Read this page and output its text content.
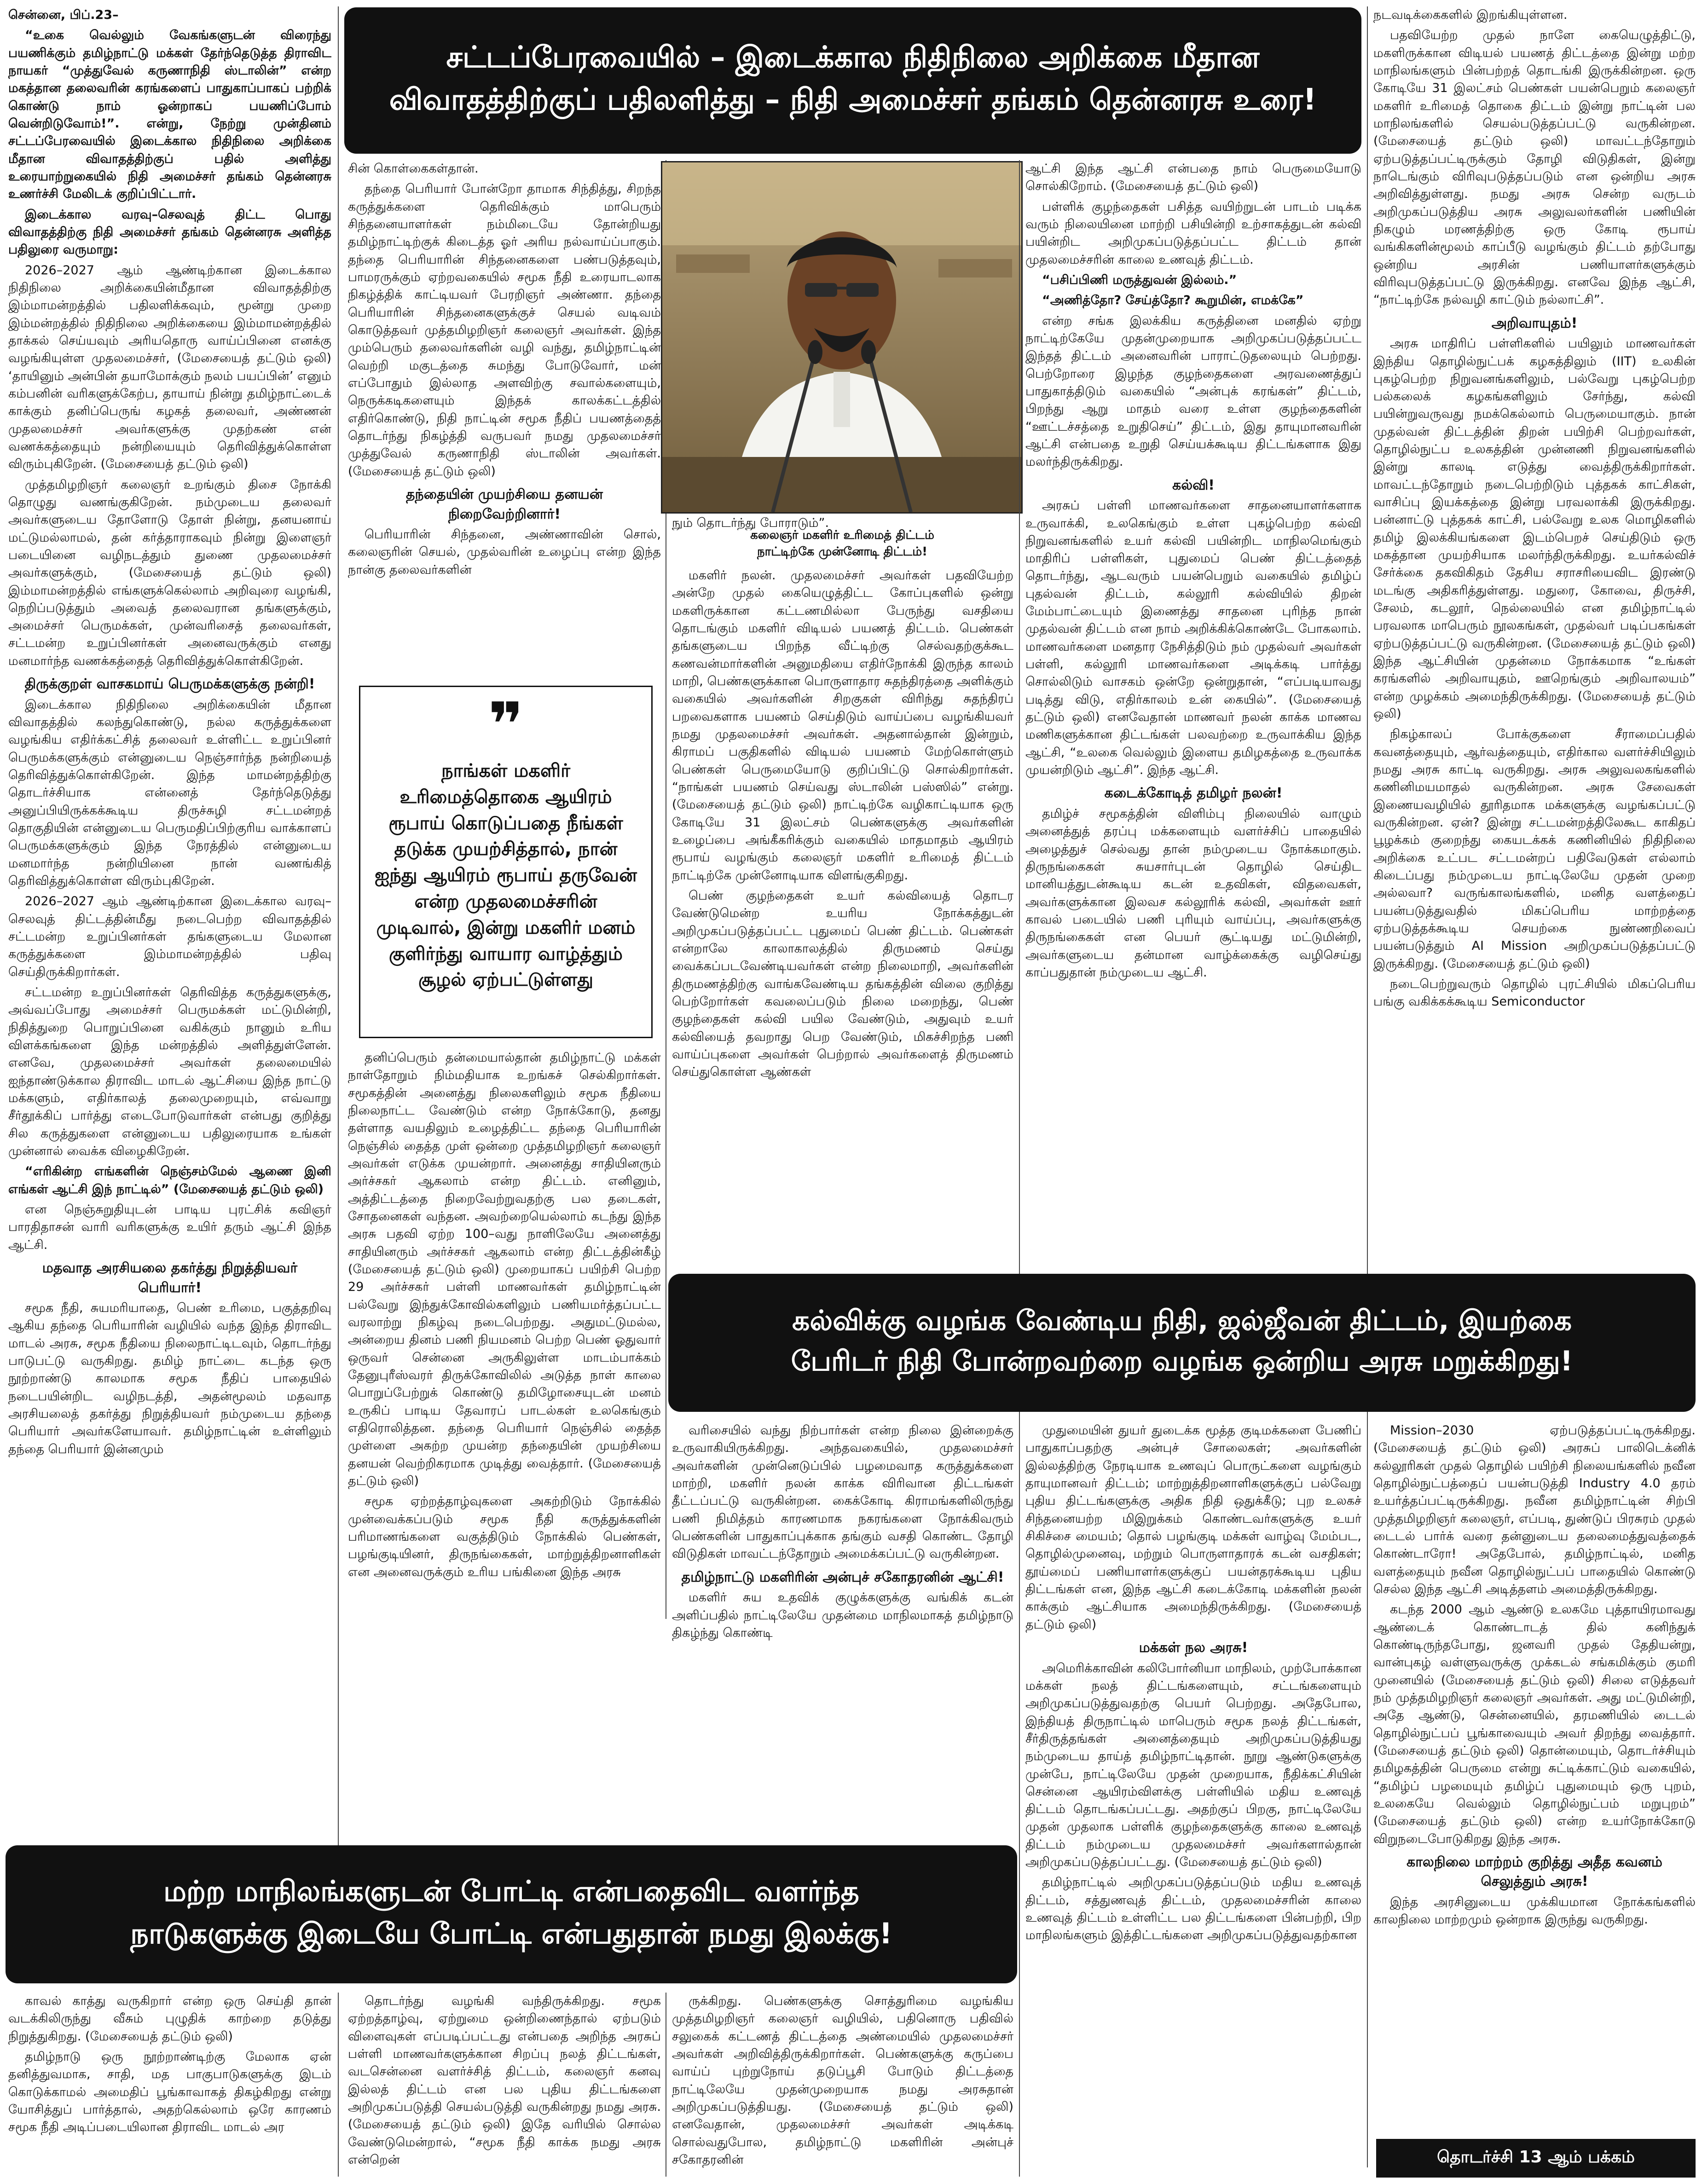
சென்னை, பிப்.23–

“உகை வெல்லும் வேகங்களுடன் விரைந்து பயணிக்கும் தமிழ்நாட்டு மக்கள் தேர்ந்தெடுத்த திராவிட நாயகர் “முத்துவேல் கருணாநிதி ஸ்டாலின்” என்ற மகத்தான தலைவரின் கரங்களைப் பாதுகாப்பாகப் பற்றிக் கொண்டு நாம் ஓன்றாகப் பயணிப்போம் வென்றிடுவோம்!”. என்று, நேற்று முன்தினம் சட்டப்பேரவையில் இடைக்கால நிதிநிலை அறிக்கை மீதான விவாதத்திற்குப் பதில் அளித்து உரையாற்றுகையில் நிதி அமைச்சர் தங்கம் தென்னரசு உணர்ச்சி மேலிடக் குறிப்பிட்டார்.

இடைக்கால வரவு–செலவுத் திட்ட பொது விவாதத்திற்கு நிதி அமைச்சர் தங்கம் தென்னரசு அளித்த பதிலுரை வருமாறு:

2026–2027 ஆம் ஆண்டிற்கான இடைக்கால நிதிநிலை அறிக்கையின்மீதான விவாதத்திற்கு இம்மாமன்றத்தில் பதிலளிக்கவும், மூன்று முறை இம்மன்றத்தில் நிதிநிலை அறிக்கையை இம்மாமன்றத்தில் தாக்கல் செய்யவும் அரியதொரு வாய்ப்பினை எனக்கு வழங்கியுள்ள முதலமைச்சர், (மேசையைத் தட்டும் ஒலி) ‘தாயினும் அன்பின் தயாமோக்கும் நலம் பயப்பின்’ எனும் கம்பனின் வரிகளுக்கேற்ப, தாயாய் நின்று தமிழ்நாட்டைக் காக்கும் தனிப்பெருங் கழகத் தலைவர், அண்ணன் முதலமைச்சர் அவர்களுக்கு முதற்கண் என் வணக்கத்தையும் நன்றியையும் தெரிவித்துக்கொள்ள விரும்புகிறேன். (மேசையைத் தட்டும் ஒலி)

முத்தமிழறிஞர் கலைஞர் உறங்கும் திசை நோக்கி தொழுது வணங்குகிறேன். நம்முடைய தலைவர் அவர்களுடைய தோளோடு தோள் நின்று, தனயனாய் மட்டுமல்லாமல், தன் கர்த்தாராகவும் நின்று இளைஞர் படையினை வழிநடத்தும் துணை முதலமைச்சர் அவர்களுக்கும், (மேசையைத் தட்டும் ஒலி) இம்மாமன்றத்தில் எங்களுக்கெல்லாம் அறிவுரை வழங்கி, நெறிப்படுத்தும் அவைத் தலைவரான தங்களுக்கும், அமைச்சர் பெருமக்கள், முன்வரிசைத் தலைவர்கள், சட்டமன்ற உறுப்பினர்கள் அனைவருக்கும் எனது மனமார்ந்த வணக்கத்தைத் தெரிவித்துக்கொள்கிறேன்.

திருக்குறள் வாசகமாய் பெருமக்களுக்கு நன்றி!

இடைக்கால நிதிநிலை அறிக்கையின் மீதான விவாதத்தில் கலந்துகொண்டு, நல்ல கருத்துக்களை வழங்கிய எதிர்க்கட்சித் தலைவர் உள்ளிட்ட உறுப்பினர் பெருமக்களுக்கும் என்னுடைய நெஞ்சார்ந்த நன்றியைத் தெரிவித்துக்கொள்கிறேன். இந்த மாமன்றத்திற்கு தொடர்ச்சியாக என்னைத் தேர்ந்தெடுத்து அனுப்பியிருக்கக்கூடிய திருச்சுழி சட்டமன்றத் தொகுதியின் என்னுடைய பெருமதிப்பிற்குரிய வாக்காளப் பெருமக்களுக்கும் இந்த நேரத்தில் என்னுடைய மனமார்ந்த நன்றியினை நான் வணங்கித் தெரிவித்துக்கொள்ள விரும்புகிறேன்.

2026–2027 ஆம் ஆண்டிற்கான இடைக்கால வரவு–செலவுத் திட்டத்தின்மீது நடைபெற்ற விவாதத்தில் சட்டமன்ற உறுப்பினர்கள் தங்களுடைய மேலான கருத்துக்களை இம்மாமன்றத்தில் பதிவு செய்திருக்கிறார்கள்.

சட்டமன்ற உறுப்பினர்கள் தெரிவித்த கருத்துகளுக்கு, அவ்வப்போது அமைச்சர் பெருமக்கள் மட்டுமின்றி, நிதித்துறை பொறுப்பினை வகிக்கும் நானும் உரிய விளக்கங்களை இந்த மன்றத்தில் அளித்துள்ளேன். எனவே, முதலமைச்சர் அவர்கள் தலைமையில் ஐந்தாண்டுக்கால திராவிட மாடல் ஆட்சியை இந்த நாட்டு மக்களும், எதிர்காலத் தலைமுறையும், எவ்வாறு சீர்தூக்கிப் பார்த்து எடைபோடுவார்கள் என்பது குறித்து சில கருத்துகளை என்னுடைய பதிலுரையாக உங்கள் முன்னால் வைக்க விழைகிறேன்.

“எரிகின்ற எங்களின் நெஞ்சம்மேல் ஆணை இனி எங்கள் ஆட்சி இந் நாட்டில்” (மேசையைத் தட்டும் ஒலி)

என நெஞ்சுறுதியுடன் பாடிய புரட்சிக் கவிஞர் பாரதிதாசன் வாரி வரிகளுக்கு உயிர் தரும் ஆட்சி இந்த ஆட்சி.

மதவாத அரசியலை தகர்த்து நிறுத்தியவர் பெரியார்!

சமூக நீதி, சுயமரியாதை, பெண் உரிமை, பகுத்தறிவு ஆகிய தந்தை பெரியாரின் வழியில் வந்த இந்த திராவிட மாடல் அரசு, சமூக நீதியை நிலைநாட்டிடவும், தொடர்ந்து பாடுபட்டு வருகிறது. தமிழ் நாட்டை கடந்த ஒரு நூற்றாண்டு காலமாக சமூக நீதிப் பாதையில் நடைபயின்றிட வழிநடத்தி, அதன்மூலம் மதவாத அரசியலைத் தகர்த்து நிறுத்தியவர் நம்முடைய தந்தை பெரியார் அவர்களேயாவர். தமிழ்நாட்டின் உள்ளிலும் தந்தை பெரியார் இன்னமும்

சட்டப்பேரவையில் – இடைக்கால நிதிநிலை அறிக்கை மீதான
விவாதத்திற்குப் பதிலளித்து – நிதி அமைச்சர் தங்கம் தென்னரசு உரை!

சின் கொள்கைகள்தான்.

தந்தை பெரியார் போன்றோ தாமாக சிந்தித்து, சிறந்த கருத்துக்களை தெரிவிக்கும் மாபெரும் சிந்தனையாளர்கள் நம்மிடையே தோன்றியது தமிழ்நாட்டிற்குக் கிடைத்த ஓர் அரிய நல்வாய்ப்பாகும். தந்தை பெரியாரின் சிந்தனைகளை பண்படுத்தவும், பாமரருக்கும் ஏற்றவகையில் சமூக நீதி உரையாடலாக நிகழ்த்திக் காட்டியவர் பேரறிஞர் அண்ணா. தந்தை பெரியாரின் சிந்தனைகளுக்குச் செயல் வடிவம் கொடுத்தவர் முத்தமிழறிஞர் கலைஞர் அவர்கள். இந்த மும்பெரும் தலைவர்களின் வழி வந்து, தமிழ்நாட்டின் வெற்றி மகுடத்தை சுமந்து போடுவோர், மன் எப்போதும் இல்லாத அளவிற்கு சவால்களையும், நெருக்கடிகளையும் இந்தக் காலக்கட்டத்தில் எதிர்கொண்டு, நிதி நாட்டின் சமூக நீதிப் பயணத்தைத் தொடர்ந்து நிகழ்த்தி வருபவர் நமது முதலமைச்சர் முத்துவேல் கருணாநிதி ஸ்டாலின் அவர்கள். (மேசையைத் தட்டும் ஒலி)

தந்தையின் முயற்சியை தனயன் நிறைவேற்றினார்!

பெரியாரின் சிந்தனை, அண்ணாவின் சொல், கலைஞரின் செயல், முதல்வரின் உழைப்பு என்ற இந்த நான்கு தலைவர்களின்

❞
நாங்கள் மகளிர் உரிமைத்தொகை ஆயிரம் ரூபாய் கொடுப்பதை நீங்கள் தடுக்க முயற்சித்தால், நான் ஐந்து ஆயிரம் ரூபாய் தருவேன் என்ற முதலமைச்சரின் முடிவால், இன்று மகளிர் மனம் குளிர்ந்து வாயார வாழ்த்தும் சூழல் ஏற்பட்டுள்ளது

தனிப்பெரும் தன்மையால்தான் தமிழ்நாட்டு மக்கள் நாள்தோறும் நிம்மதியாக உறங்கச் செல்கிறார்கள். சமூகத்தின் அனைத்து நிலைகளிலும் சமூக நீதியை நிலைநாட்ட வேண்டும் என்ற நோக்கோடு, தனது தள்ளாத வயதிலும் உழைத்திட்ட தந்தை பெரியாரின் நெஞ்சில் தைத்த முள் ஒன்றை முத்தமிழறிஞர் கலைஞர் அவர்கள் எடுக்க முயன்றார். அனைத்து சாதியினரும் அர்ச்சகர் ஆகலாம் என்ற திட்டம். எனினும், அத்திட்டத்தை நிறைவேற்றுவதற்கு பல தடைகள், சோதனைகள் வந்தன. அவற்றையெல்லாம் கடந்து இந்த அரசு பதவி ஏற்ற 100–வது நாளிலேயே அனைத்து சாதியினரும் அர்ச்சகர் ஆகலாம் என்ற திட்டத்தின்கீழ் (மேசையைத் தட்டும் ஒலி) முறையாகப் பயிற்சி பெற்ற 29 அர்ச்சகர் பள்ளி மாணவர்கள் தமிழ்நாட்டின் பல்வேறு இந்துக்கோவில்களிலும் பணியமர்த்தப்பட்ட வரலாற்று நிகழ்வு நடைபெற்றது. அதுமட்டுமல்ல, அன்றைய தினம் பணி நியமனம் பெற்ற பெண் ஓதுவார் ஒருவர் சென்னை அருகிலுள்ள மாடம்பாக்கம் தேனுபுரீஸ்வரர் திருக்கோவிலில் அடுத்த நாள் காலை பொறுப்பேற்றுக் கொண்டு தமிழோசையுடன் மனம் உருகிப் பாடிய தேவாரப் பாடல்கள் உலகெங்கும் எதிரொலித்தன. தந்தை பெரியார் நெஞ்சில் தைத்த முள்ளை அகற்ற முயன்ற தந்தையின் முயற்சியை தனயன் வெற்றிகரமாக முடித்து வைத்தார். (மேசையைத் தட்டும் ஒலி)

சமூக ஏற்றத்தாழ்வுகளை அகற்றிடும் நோக்கில் முன்வைக்கப்படும் சமூக நீதி கருத்துக்களின் பரிமாணங்களை வகுத்திடும் நோக்கில் பெண்கள், பழங்குடியினர், திருநங்கைகள், மாற்றுத்திறனாளிகள் என அனைவருக்கும் உரிய பங்கினை இந்த அரசு

கலைஞர் மகளிர் உரிமைத் திட்டம்
நாட்டிற்கே முன்னோடி திட்டம்!

மகளிர் நலன். முதலமைச்சர் அவர்கள் பதவியேற்ற அன்றே முதல் கையெழுத்திட்ட கோப்புகளில் ஒன்று மகளிருக்கான கட்டணமில்லா பேருந்து வசதியை தொடங்கும் மகளிர் விடியல் பயணத் திட்டம். பெண்கள் தங்களுடைய பிறந்த வீட்டிற்கு செல்வதற்குக்கூட கணவன்மார்களின் அனுமதியை எதிர்நோக்கி இருந்த காலம் மாறி, பெண்களுக்கான பொருளாதார சுதந்திரத்தை அளிக்கும் வகையில் அவர்களின் சிறகுகள் விரிந்து சுதந்திரப் பறவைகளாக பயணம் செய்திடும் வாய்ப்பை வழங்கியவர் நமது முதலமைச்சர் அவர்கள். அதனால்தான் இன்றும், கிராமப் பகுதிகளில் விடியல் பயணம் மேற்கொள்ளும் பெண்கள் பெருமையோடு குறிப்பிட்டு சொல்கிறார்கள். “நாங்கள் பயணம் செய்வது ஸ்டாலின் பஸ்ஸில்” என்று. (மேசையைத் தட்டும் ஒலி) நாட்டிற்கே வழிகாட்டியாக ஒரு கோடியே 31 இலட்சம் பெண்களுக்கு அவர்களின் உழைப்பை அங்கீகரிக்கும் வகையில் மாதமாதம் ஆயிரம் ரூபாய் வழங்கும் கலைஞர் மகளிர் உரிமைத் திட்டம் நாட்டிற்கே முன்னோடியாக விளங்குகிறது.

பெண் குழந்தைகள் உயர் கல்வியைத் தொடர வேண்டுமென்ற உயரிய நோக்கத்துடன் அறிமுகப்படுத்தப்பட்ட புதுமைப் பெண் திட்டம். பெண்கள் என்றாலே காலாகாலத்தில் திருமணம் செய்து வைக்கப்படவேண்டியவர்கள் என்ற நிலைமாறி, அவர்களின் திருமணத்திற்கு வாங்கவேண்டிய தங்கத்தின் விலை குறித்து பெற்றோர்கள் கவலைப்படும் நிலை மறைந்து, பெண் குழந்தைகள் கல்வி பயில வேண்டும், அதுவும் உயர் கல்வியைத் தவறாது பெற வேண்டும், மிகச்சிறந்த பணி வாய்ப்புகளை அவர்கள் பெற்றால் அவர்களைத் திருமணம் செய்துகொள்ள ஆண்கள்

நும் தொடர்ந்து போராடும்”.

ஆட்சி இந்த ஆட்சி என்பதை நாம் பெருமையோடு சொல்கிறோம். (மேசையைத் தட்டும் ஒலி)

பள்ளிக் குழந்தைகள் பசித்த வயிற்றுடன் பாடம் படிக்க வரும் நிலையினை மாற்றி பசியின்றி உற்சாகத்துடன் கல்வி பயின்றிட அறிமுகப்படுத்தப்பட்ட திட்டம் தான் முதலமைச்சரின் காலை உணவுத் திட்டம்.

“பசிப்பிணி மருத்துவன் இல்லம்.”

“அணித்தோ? சேய்த்தோ? கூறுமின், எமக்கே”

என்ற சங்க இலக்கிய கருத்தினை மனதில் ஏற்று நாட்டிற்கேயே முதன்முறையாக அறிமுகப்படுத்தப்பட்ட இந்தத் திட்டம் அனைவரின் பாராட்டுதலையும் பெற்றது. பெற்றோரை இழந்த குழந்தைகளை அரவணைத்துப் பாதுகாத்திடும் வகையில் “அன்புக் கரங்கள்” திட்டம், பிறந்து ஆறு மாதம் வரை உள்ள குழந்தைகளின் “ஊட்டச்சத்தை உறுதிசெய்” திட்டம், இது தாயுமானவரின் ஆட்சி என்பதை உறுதி செய்யக்கூடிய திட்டங்களாக இது மலர்ந்திருக்கிறது.

கல்வி!

அரசுப் பள்ளி மாணவர்களை சாதனையாளர்களாக உருவாக்கி, உலகெங்கும் உள்ள புகழ்பெற்ற கல்வி நிறுவனங்களில் உயர் கல்வி பயின்றிட மாநிலமெங்கும் மாதிரிப் பள்ளிகள், புதுமைப் பெண் திட்டத்தைத் தொடர்ந்து, ஆடவரும் பயன்பெறும் வகையில் தமிழ்ப் புதல்வன் திட்டம், கல்லூரி கல்வியில் திறன் மேம்பாட்டையும் இணைத்து சாதனை புரிந்த நான் முதல்வன் திட்டம் என நாம் அறிக்கிக்கொண்டே போகலாம். மாணவர்களை மனதார நேசித்திடும் நம் முதல்வர் அவர்கள் பள்ளி, கல்லூரி மாணவர்களை அடிக்கடி பார்த்து சொல்லிடும் வாசகம் ஒன்றே ஒன்றுதான், “எப்படியாவது படித்து விடு, எதிர்காலம் உன் கையில்”. (மேசையைத் தட்டும் ஒலி) எனவேதான் மாணவர் நலன் காக்க மாணவ மணிகளுக்கான திட்டங்கள் பலவற்றை உருவாக்கிய இந்த ஆட்சி, “உலகை வெல்லும் இளைய தமிழகத்தை உருவாக்க முயன்றிடும் ஆட்சி”. இந்த ஆட்சி.

கடைக்கோடித் தமிழர் நலன்!

தமிழ்ச் சமூகத்தின் விளிம்பு நிலையில் வாழும் அனைத்துத் தரப்பு மக்களையும் வளர்ச்சிப் பாதையில் அழைத்துச் செல்வது தான் நம்முடைய நோக்கமாகும். திருநங்கைகள் சுயசார்புடன் தொழில் செய்திட மானியத்துடன்கூடிய கடன் உதவிகள், விதவைகள், அவர்களுக்கான இலவச கல்லூரிக் கல்வி, அவர்கள் ஊர் காவல் படையில் பணி புரியும் வாய்ப்பு, அவர்களுக்கு திருநங்கைகள் என பெயர் சூட்டியது மட்டுமின்றி, அவர்களுடைய தன்மான வாழ்க்கைக்கு வழிசெய்து காப்பதுதான் நம்முடைய ஆட்சி.

நடவடிக்கைகளில் இறங்கியுள்ளன.

பதவியேற்ற முதல் நாளே கையெழுத்திட்டு, மகளிருக்கான விடியல் பயணத் திட்டத்தை இன்று மற்ற மாநிலங்களும் பின்பற்றத் தொடங்கி இருக்கின்றன. ஒரு கோடியே 31 இலட்சம் பெண்கள் பயன்பெறும் கலைஞர் மகளிர் உரிமைத் தொகை திட்டம் இன்று நாட்டின் பல மாநிலங்களில் செயல்படுத்தப்பட்டு வருகின்றன. (மேசையைத் தட்டும் ஒலி) மாவட்டந்தோறும் ஏற்படுத்தப்பட்டிருக்கும் தோழி விடுதிகள், இன்று நாடெங்கும் விரிவுபடுத்தப்படும் என ஒன்றிய அரசு அறிவித்துள்ளது. நமது அரசு சென்ற வருடம் அறிமுகப்படுத்திய அரசு அலுவலர்களின் பணியின் நிகழும் மரணத்திற்கு ஒரு கோடி ரூபாய் வங்கிகளின்மூலம் காப்பீடு வழங்கும் திட்டம் தற்போது ஒன்றிய அரசின் பணியாளர்களுக்கும் விரிவுபடுத்தப்பட்டு இருக்கிறது. எனவே இந்த ஆட்சி, “நாட்டிற்கே நல்வழி காட்டும் நல்லாட்சி”.

அறிவாயுதம்!

அரசு மாதிரிப் பள்ளிகளில் பயிலும் மாணவர்கள் இந்திய தொழில்நுட்பக் கழகத்திலும் (IIT) உலகின் புகழ்பெற்ற நிறுவனங்களிலும், பல்வேறு புகழ்பெற்ற பல்கலைக் கழகங்களிலும் சேர்ந்து, கல்வி பயின்றுவருவது நமக்கெல்லாம் பெருமையாகும். நான் முதல்வன் திட்டத்தின் திறன் பயிற்சி பெற்றவர்கள், தொழில்நுட்ப உலகத்தின் முன்னணி நிறுவனங்களில் இன்று காலடி எடுத்து வைத்திருக்கிறார்கள். மாவட்டந்தோறும் நடைபெற்றிடும் புத்தகக் காட்சிகள், வாசிப்பு இயக்கத்தை இன்று பரவலாக்கி இருக்கிறது. பன்னாட்டு புத்தகக் காட்சி, பல்வேறு உலக மொழிகளில் தமிழ் இலக்கியங்களை இடம்பெறச் செய்திடும் ஒரு மகத்தான முயற்சியாக மலர்ந்திருக்கிறது. உயர்கல்விச் சேர்க்கை தகவிகிதம் தேசிய சராசரியைவிட இரண்டு மடங்கு அதிகரித்துள்ளது. மதுரை, கோவை, திருச்சி, சேலம், கடலூர், நெல்லையில் என தமிழ்நாட்டில் பரவலாக மாபெரும் நூலகங்கள், முதல்வர் படிப்பகங்கள் ஏற்படுத்தப்பட்டு வருகின்றன. (மேசையைத் தட்டும் ஒலி) இந்த ஆட்சியின் முதன்மை நோக்கமாக “உங்கள் கரங்களில் அறிவாயுதம், ஊறெங்கும் அறிவாலயம்” என்ற முழக்கம் அமைந்திருக்கிறது. (மேசையைத் தட்டும் ஒலி)

நிகழ்காலப் போக்குகளை சீராமைப்பதில் கவனத்தையும், ஆர்வத்தையும், எதிர்கால வளர்ச்சியிலும் நமது அரசு காட்டி வருகிறது. அரசு அலுவலகங்களில் கணினிமயமாதல் வருகின்றன. அரசு சேவைகள் இணையவழியில் தூரிதமாக மக்களுக்கு வழங்கப்பட்டு வருகின்றன. ஏன்? இன்று சட்டமன்றத்திலேகூட காகிதப் பூழக்கம் குறைந்து கையடக்கக் கணினியில் நிதிநிலை அறிக்கை உட்பட சட்டமன்றப் பதிவேடுகள் எல்லாம் கிடைப்பது நம்முடைய நாட்டிலேயே முதன் முறை அல்லவா? வருங்காலங்களில், மனித வளத்தைப் பயன்படுத்துவதில் மிகப்பெரிய மாற்றத்தை ஏற்படுத்தக்கூடிய செயற்கை நுண்ணறிவைப் பயன்படுத்தும் AI Mission அறிமுகப்படுத்தப்பட்டு இருக்கிறது. (மேசையைத் தட்டும் ஒலி)

நடைபெற்றுவரும் தொழில் புரட்சியில் மிகப்பெரிய பங்கு வகிக்கக்கூடிய Semiconductor

கல்விக்கு வழங்க வேண்டிய நிதி, ஜல்ஜீவன் திட்டம், இயற்கை
பேரிடர் நிதி போன்றவற்றை வழங்க ஒன்றிய அரசு மறுக்கிறது!

வரிசையில் வந்து நிற்பார்கள் என்ற நிலை இன்றைக்கு உருவாகியிருக்கிறது. அந்தவகையில், முதலமைச்சர் அவர்களின் முன்னெடுப்பில் பழமைவாத கருத்துக்களை மாற்றி, மகளிர் நலன் காக்க விரிவான திட்டங்கள் தீட்டப்பட்டு வருகின்றன. கைக்கோடி கிராமங்களிலிருந்து பணி நிமித்தம் காரணமாக நகரங்களை நோக்கிவரும் பெண்களின் பாதுகாப்புக்காக தங்கும் வசதி கொண்ட தோழி விடுதிகள் மாவட்டந்தோறும் அமைக்கப்பட்டு வருகின்றன.

தமிழ்நாட்டு மகளிரின் அன்புச் சகோதரனின் ஆட்சி!

மகளிர் சுய உதவிக் குழுக்களுக்கு வங்கிக் கடன் அளிப்பதில் நாட்டிலேயே முதன்மை மாநிலமாகத் தமிழ்நாடு திகழ்ந்து கொண்டி

முதுமையின் துயர் துடைக்க மூத்த குடிமக்களை பேணிப் பாதுகாப்பதற்கு அன்புச் சோலைகள்; அவர்களின் இல்லத்திற்கு நேரடியாக உணவுப் பொருட்களை வழங்கும் தாயுமானவர் திட்டம்; மாற்றுத்திறனாளிகளுக்குப் பல்வேறு புதிய திட்டங்களுக்கு அதிக நிதி ஒதுக்கீடு; புற உலகச் சிந்தனையற்ற மிஇறுக்கம் கொண்டவர்களுக்கு உயர் சிகிச்சை மையம்; தொல் பழங்குடி மக்கள் வாழ்வு மேம்பட, தொழில்முனைவு, மற்றும் பொருளாதாரக் கடன் வசதிகள்; தூய்மைப் பணியாளர்களுக்குப் பயன்தரக்கூடிய புதிய திட்டங்கள் என, இந்த ஆட்சி கடைக்கோடி மக்களின் நலன் காக்கும் ஆட்சியாக அமைந்திருக்கிறது. (மேசையைத் தட்டும் ஒலி)

மக்கள் நல அரசு!

அமெரிக்காவின் கலிபோர்னியா மாநிலம், முற்போக்கான மக்கள் நலத் திட்டங்களையும், சட்டங்களையும் அறிமுகப்படுத்துவதற்கு பெயர் பெற்றது. அதேபோல, இந்தியத் திருநாட்டில் மாபெரும் சமூக நலத் திட்டங்கள், சீர்திருத்தங்கள் அனைத்தையும் அறிமுகப்படுத்தியது நம்முடைய தாய்த் தமிழ்நாட்டிதான். நூறு ஆண்டுகளுக்கு முன்பே, நாட்டிலேயே முதன் முறையாக, நீதிக்கட்சியின் சென்னை ஆயிரம்விளக்கு பள்ளியில் மதிய உணவுத் திட்டம் தொடங்கப்பட்டது. அதற்குப் பிறகு, நாட்டிலேயே முதன் முதலாக பள்ளிக் குழந்தைகளுக்கு காலை உணவுத் திட்டம் நம்முடைய முதலமைச்சர் அவர்களால்தான் அறிமுகப்படுத்தப்பட்டது. (மேசையைத் தட்டும் ஒலி)

தமிழ்நாட்டில் அறிமுகப்படுத்தப்படும் மதிய உணவுத் திட்டம், சத்துணவுத் திட்டம், முதலமைச்சரின் காலை உணவுத் திட்டம் உள்ளிட்ட பல திட்டங்களை பின்பற்றி, பிற மாநிலங்களும் இத்திட்டங்களை அறிமுகப்படுத்துவதற்கான

Mission–2030 ஏற்படுத்தப்பட்டிருக்கிறது. (மேசையைத் தட்டும் ஒலி) அரசுப் பாலிடெக்னிக் கல்லூரிகள் முதல் தொழில் பயிற்சி நிலையங்களில் நவீன தொழில்நுட்பத்தைப் பயன்படுத்தி Industry 4.0 தரம் உயர்த்தப்பட்டிருக்கிறது. நவீன தமிழ்நாட்டின் சிற்பி முத்தமிழறிஞர் கலைஞர், எப்படி, துண்டுப் பிரசுரம் முதல் டைடல் பார்க் வரை தன்னுடைய தலைமைத்துவத்தைக் கொண்டாரோ! அதேபோல், தமிழ்நாட்டில், மனித வளத்தையும் நவீன தொழில்நுட்பப் பாதையில் கொண்டு செல்ல இந்த ஆட்சி அடித்தளம் அமைத்திருக்கிறது.

கடந்த 2000 ஆம் ஆண்டு உலகமே புத்தாயிரமாவது ஆண்டைக் கொண்டாடத் தில் கனிந்துக் கொண்டிருந்தபோது, ஜனவரி முதல் தேதியன்று, வான்புகழ் வள்ளுவருக்கு முக்கடல் சங்கமிக்கும் குமரி முனையில் (மேசையைத் தட்டும் ஒலி) சிலை எடுத்தவர் நம் முத்தமிழறிஞர் கலைஞர் அவர்கள். அது மட்டுமின்றி, அதே ஆண்டு, சென்னையில், தரமணியில் டைடல் தொழில்நுட்பப் பூங்காவையும் அவர் திறந்து வைத்தார். (மேசையைத் தட்டும் ஒலி) தொன்மையும், தொடர்ச்சியும் தமிழகத்தின் பெருமை என்று சுட்டிக்காட்டும் வகையில், “தமிழ்ப் பழமையும் தமிழ்ப் புதுமையும் ஒரு புறம், உலகையே வெல்லும் தொழில்நுட்பம் மறுபுறம்” (மேசையைத் தட்டும் ஒலி) என்ற உயர்நோக்கோடு விறுநடைபோடுகிறது இந்த அரசு.

காலநிலை மாற்றம் குறித்து அதீத கவனம் செலுத்தும் அரசு!

இந்த அரசினுடைய முக்கியமான நோக்கங்களில் காலநிலை மாற்றமும் ஒன்றாக இருந்து வருகிறது.

தொடர்ச்சி 13 ஆம் பக்கம்
மற்ற மாநிலங்களுடன் போட்டி என்பதைவிட வளர்ந்த
நாடுகளுக்கு இடையே போட்டி என்பதுதான் நமது இலக்கு!

காவல் காத்து வருகிறார் என்ற ஒரு செய்தி தான் வடக்கிலிருந்து வீசும் புழுதிக் காற்றை தடுத்து நிறுத்துகிறது. (மேசையைத் தட்டும் ஒலி)

தமிழ்நாடு ஒரு நூற்றாண்டிற்கு மேலாக ஏன் தனித்துவமாக, சாதி, மத பாகுபாடுகளுக்கு இடம் கொடுக்காமல் அமைதிப் பூங்காவாகத் திகழ்கிறது என்று யோசித்துப் பார்த்தால், அதற்கெல்லாம் ஒரே காரணம் சமூக நீதி அடிப்படையிலான திராவிட மாடல் அர

தொடர்ந்து வழங்கி வந்திருக்கிறது. சமூக ஏற்றத்தாழ்வு, ஏற்றுமை ஒன்றிணைந்தால் ஏற்படும் விளைவுகள் எப்படிப்பட்டது என்பதை அறிந்த அரசுப் பள்ளி மாணவர்களுக்கான சிறப்பு நலத் திட்டங்கள், வடசென்னை வளர்ச்சித் திட்டம், கலைஞர் கனவு இல்லத் திட்டம் என பல புதிய திட்டங்களை அறிமுகப்படுத்தி செயல்படுத்தி வருகின்றது நமது அரசு. (மேசையைத் தட்டும் ஒலி) இதே வரியில் சொல்ல வேண்டுமென்றால், “சமூக நீதி காக்க நமது அரசு என்றென்

ருக்கிறது. பெண்களுக்கு சொத்துரிமை வழங்கிய முத்தமிழறிஞர் கலைஞர் வழியில், பதினொரு பதிவில் சலுகைக் கட்டணத் திட்டத்தை அண்மையில் முதலமைச்சர் அவர்கள் அறிவித்திருக்கிறார்கள். பெண்களுக்கு கருப்பை வாய்ப் புற்றுநோய் தடுப்பூசி போடும் திட்டத்தை நாட்டிலேயே முதன்முறையாக நமது அரசுதான் அறிமுகப்படுத்தியது. (மேசையைத் தட்டும் ஒலி) எனவேதான், முதலமைச்சர் அவர்கள் அடிக்கடி சொல்வதுபோல, தமிழ்நாட்டு மகளிரின் அன்புச் சகோதரனின்
